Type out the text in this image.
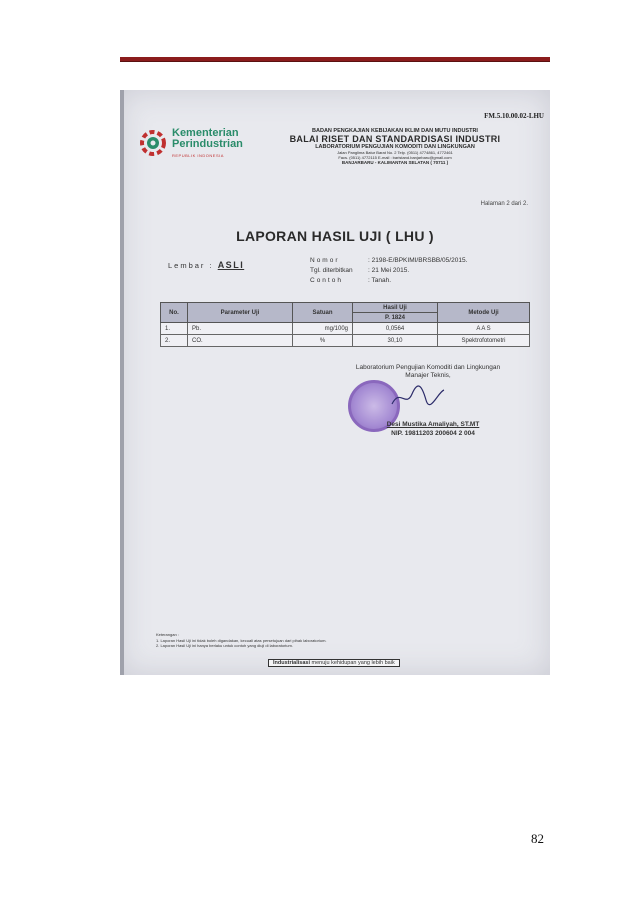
FM.5.10.00.02-LHU
Kementerian
Perindustrian
REPUBLIK INDONESIA
BADAN PENGKAJIAN KEBIJAKAN IKLIM DAN MUTU INDUSTRI
BALAI RISET DAN STANDARDISASI INDUSTRI
LABORATORIUM PENGUJIAN KOMODITI DAN LINGKUNGAN
Jalan Panglima Batur Barat No. 2 Telp. (0511) 4774861, 4772461
Facs. (0511) 4772115 E-mail : baristand.banjarbaru@gmail.com
BANJARBARU - KALIMANTAN SELATAN ( 70711 )
Halaman 2 dari 2.
LAPORAN HASIL UJI ( LHU )
Lembar : ASLI	Nomor	: 2198-E/BPKIMI/BRSBB/05/2015.
Tgl. diterbitkan : 21 Mei 2015.
Contoh	: Tanah.
No.	Parameter Uji	Satuan	Hasil Uji	Metode Uji
			P. 1824	
1.	Pb.	mg/100g	0,0564	A A S
2.	CO.	%	30,10	Spektrofotometri
Laboratorium Pengujian Komoditi dan Lingkungan
Manajer Teknis,
Desi Mustika Amaliyah, ST.MT
NIP. 19811203 200604 2 004
Keterangan :
1. Laporan Hasil Uji ini tidak boleh digandakan, kecuali atas persetujuan dari pihak laboratorium.
2. Laporan Hasil Uji ini hanya berlaku untuk contoh yang diuji di laboratorium.
Industrialisasi menuju kehidupan yang lebih baik
82
